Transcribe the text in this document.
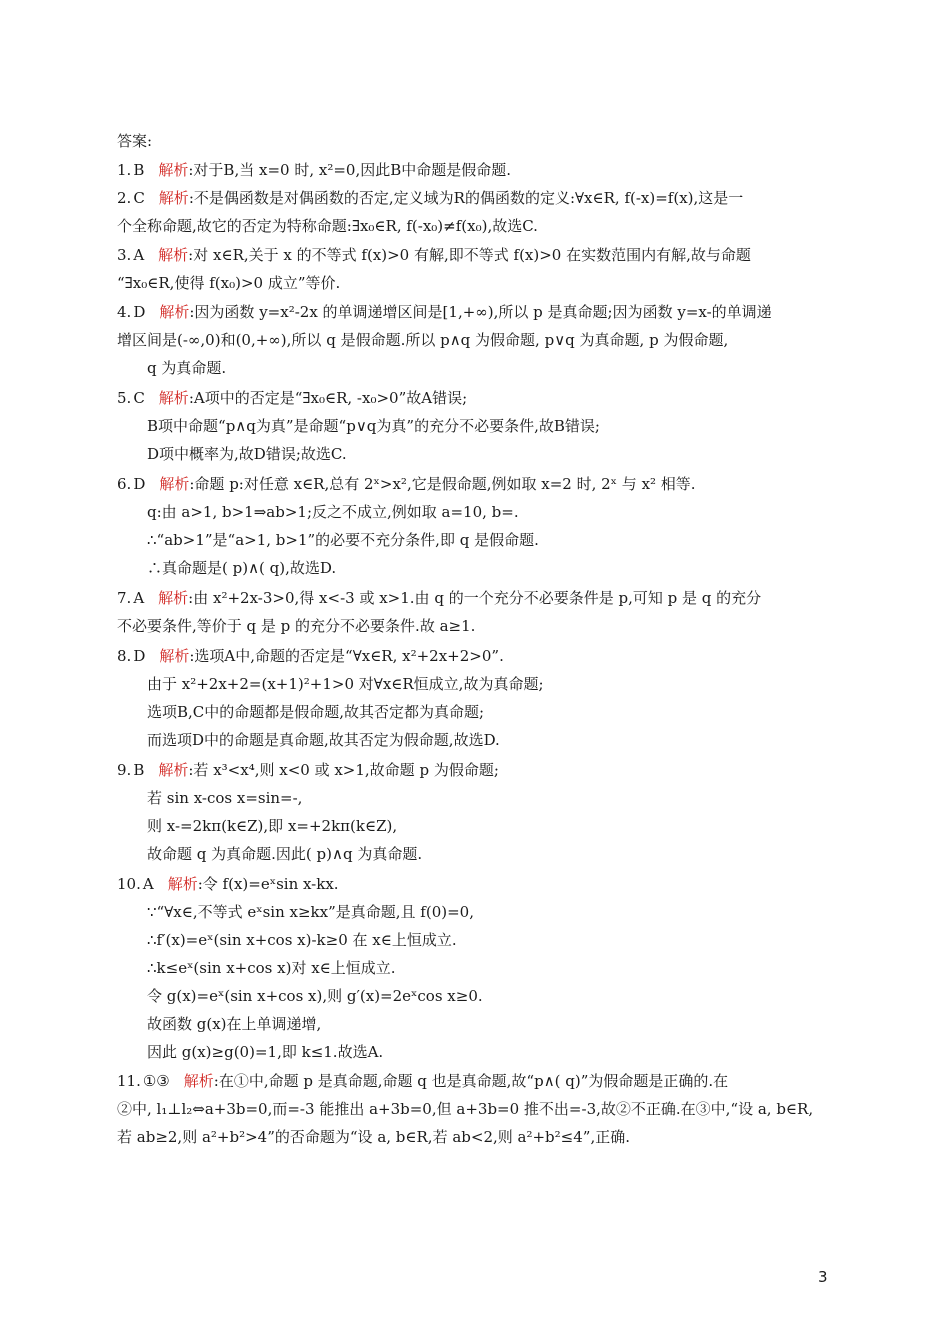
答案:
1. B 解析:对于B,当 x=0 时, x²=0,因此B中命题是假命题.
2. C 解析:不是偶函数是对偶函数的否定,定义域为R的偶函数的定义:∀x∈R, f(-x)=f(x),这是一
个全称命题,故它的否定为特称命题:∃x₀∈R, f(-x₀)≠f(x₀),故选C.
3. A 解析:对 x∈R,关于 x 的不等式 f(x)>0 有解,即不等式 f(x)>0 在实数范围内有解,故与命题
“∃x₀∈R,使得 f(x₀)>0 成立”等价.
4. D 解析:因为函数 y=x²-2x 的单调递增区间是[1,+∞),所以 p 是真命题;因为函数 y=x-的单调递
增区间是(-∞,0)和(0,+∞),所以 q 是假命题.所以 p∧q 为假命题, p∨q 为真命题, p 为假命题,
q 为真命题.
5. C 解析:A项中的否定是“∃x₀∈R, -x₀>0”故A错误;
B项中命题“p∧q为真”是命题“p∨q为真”的充分不必要条件,故B错误;
D项中概率为,故D错误;故选C.
6. D 解析:命题 p:对任意 x∈R,总有 2ˣ>x²,它是假命题,例如取 x=2 时, 2ˣ 与 x² 相等.
q:由 a>1, b>1⇒ab>1;反之不成立,例如取 a=10, b=.
∴“ab>1”是“a>1, b>1”的必要不充分条件,即 q 是假命题.
∴真命题是( p)∧( q),故选D.
7. A 解析:由 x²+2x-3>0,得 x<-3 或 x>1.由 q 的一个充分不必要条件是 p,可知 p 是 q 的充分
不必要条件,等价于 q 是 p 的充分不必要条件.故 a≥1.
8. D 解析:选项A中,命题的否定是“∀x∈R, x²+2x+2>0”.
由于 x²+2x+2=(x+1)²+1>0 对∀x∈R恒成立,故为真命题;
选项B,C中的命题都是假命题,故其否定都为真命题;
而选项D中的命题是真命题,故其否定为假命题,故选D.
9. B 解析:若 x³<x⁴,则 x<0 或 x>1,故命题 p 为假命题;
若 sin x-cos x=sin=-,
则 x-=2kπ(k∈Z),即 x=+2kπ(k∈Z),
故命题 q 为真命题.因此( p)∧q 为真命题.
10. A 解析:令 f(x)=eˣsin x-kx.
∵“∀x∈,不等式 eˣsin x≥kx”是真命题,且 f(0)=0,
∴f′(x)=eˣ(sin x+cos x)-k≥0 在 x∈上恒成立.
∴k≤eˣ(sin x+cos x)对 x∈上恒成立.
令 g(x)=eˣ(sin x+cos x),则 g′(x)=2eˣcos x≥0.
故函数 g(x)在上单调递增,
因此 g(x)≥g(0)=1,即 k≤1.故选A.
11. ①③ 解析:在①中,命题 p 是真命题,命题 q 也是真命题,故“p∧( q)”为假命题是正确的.在
②中, l₁⊥l₂⇔a+3b=0,而=-3 能推出 a+3b=0,但 a+3b=0 推不出=-3,故②不正确.在③中,“设 a, b∈R,
若 ab≥2,则 a²+b²>4”的否命题为“设 a, b∈R,若 ab<2,则 a²+b²≤4”,正确.
3
